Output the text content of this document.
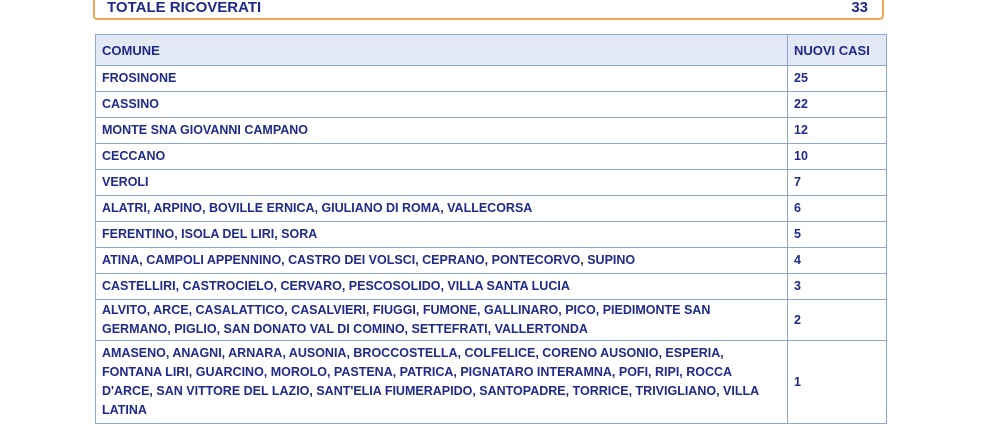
TOTALE RICOVERATI	33
COMUNE	NUOVI CASI
FROSINONE	25
CASSINO	22
MONTE SNA GIOVANNI CAMPANO	12
CECCANO	10
VEROLI	7
ALATRI, ARPINO, BOVILLE ERNICA, GIULIANO DI ROMA, VALLECORSA	6
FERENTINO, ISOLA DEL LIRI, SORA	5
ATINA, CAMPOLI APPENNINO, CASTRO DEI VOLSCI, CEPRANO, PONTECORVO, SUPINO	4
CASTELLIRI, CASTROCIELO, CERVARO, PESCOSOLIDO, VILLA SANTA LUCIA	3
ALVITO, ARCE, CASALATTICO, CASALVIERI, FIUGGI, FUMONE, GALLINARO, PICO, PIEDIMONTE SAN GERMANO, PIGLIO, SAN DONATO VAL DI COMINO, SETTEFRATI, VALLERTONDA	2
AMASENO, ANAGNI, ARNARA, AUSONIA, BROCCOSTELLA, COLFELICE, CORENO AUSONIO, ESPERIA, FONTANA LIRI, GUARCINO, MOROLO, PASTENA, PATRICA, PIGNATARO INTERAMNA, POFI, RIPI, ROCCA D'ARCE, SAN VITTORE DEL LAZIO, SANT'ELIA FIUMERAPIDO, SANTOPADRE, TORRICE, TRIVIGLIANO, VILLA LATINA	1
